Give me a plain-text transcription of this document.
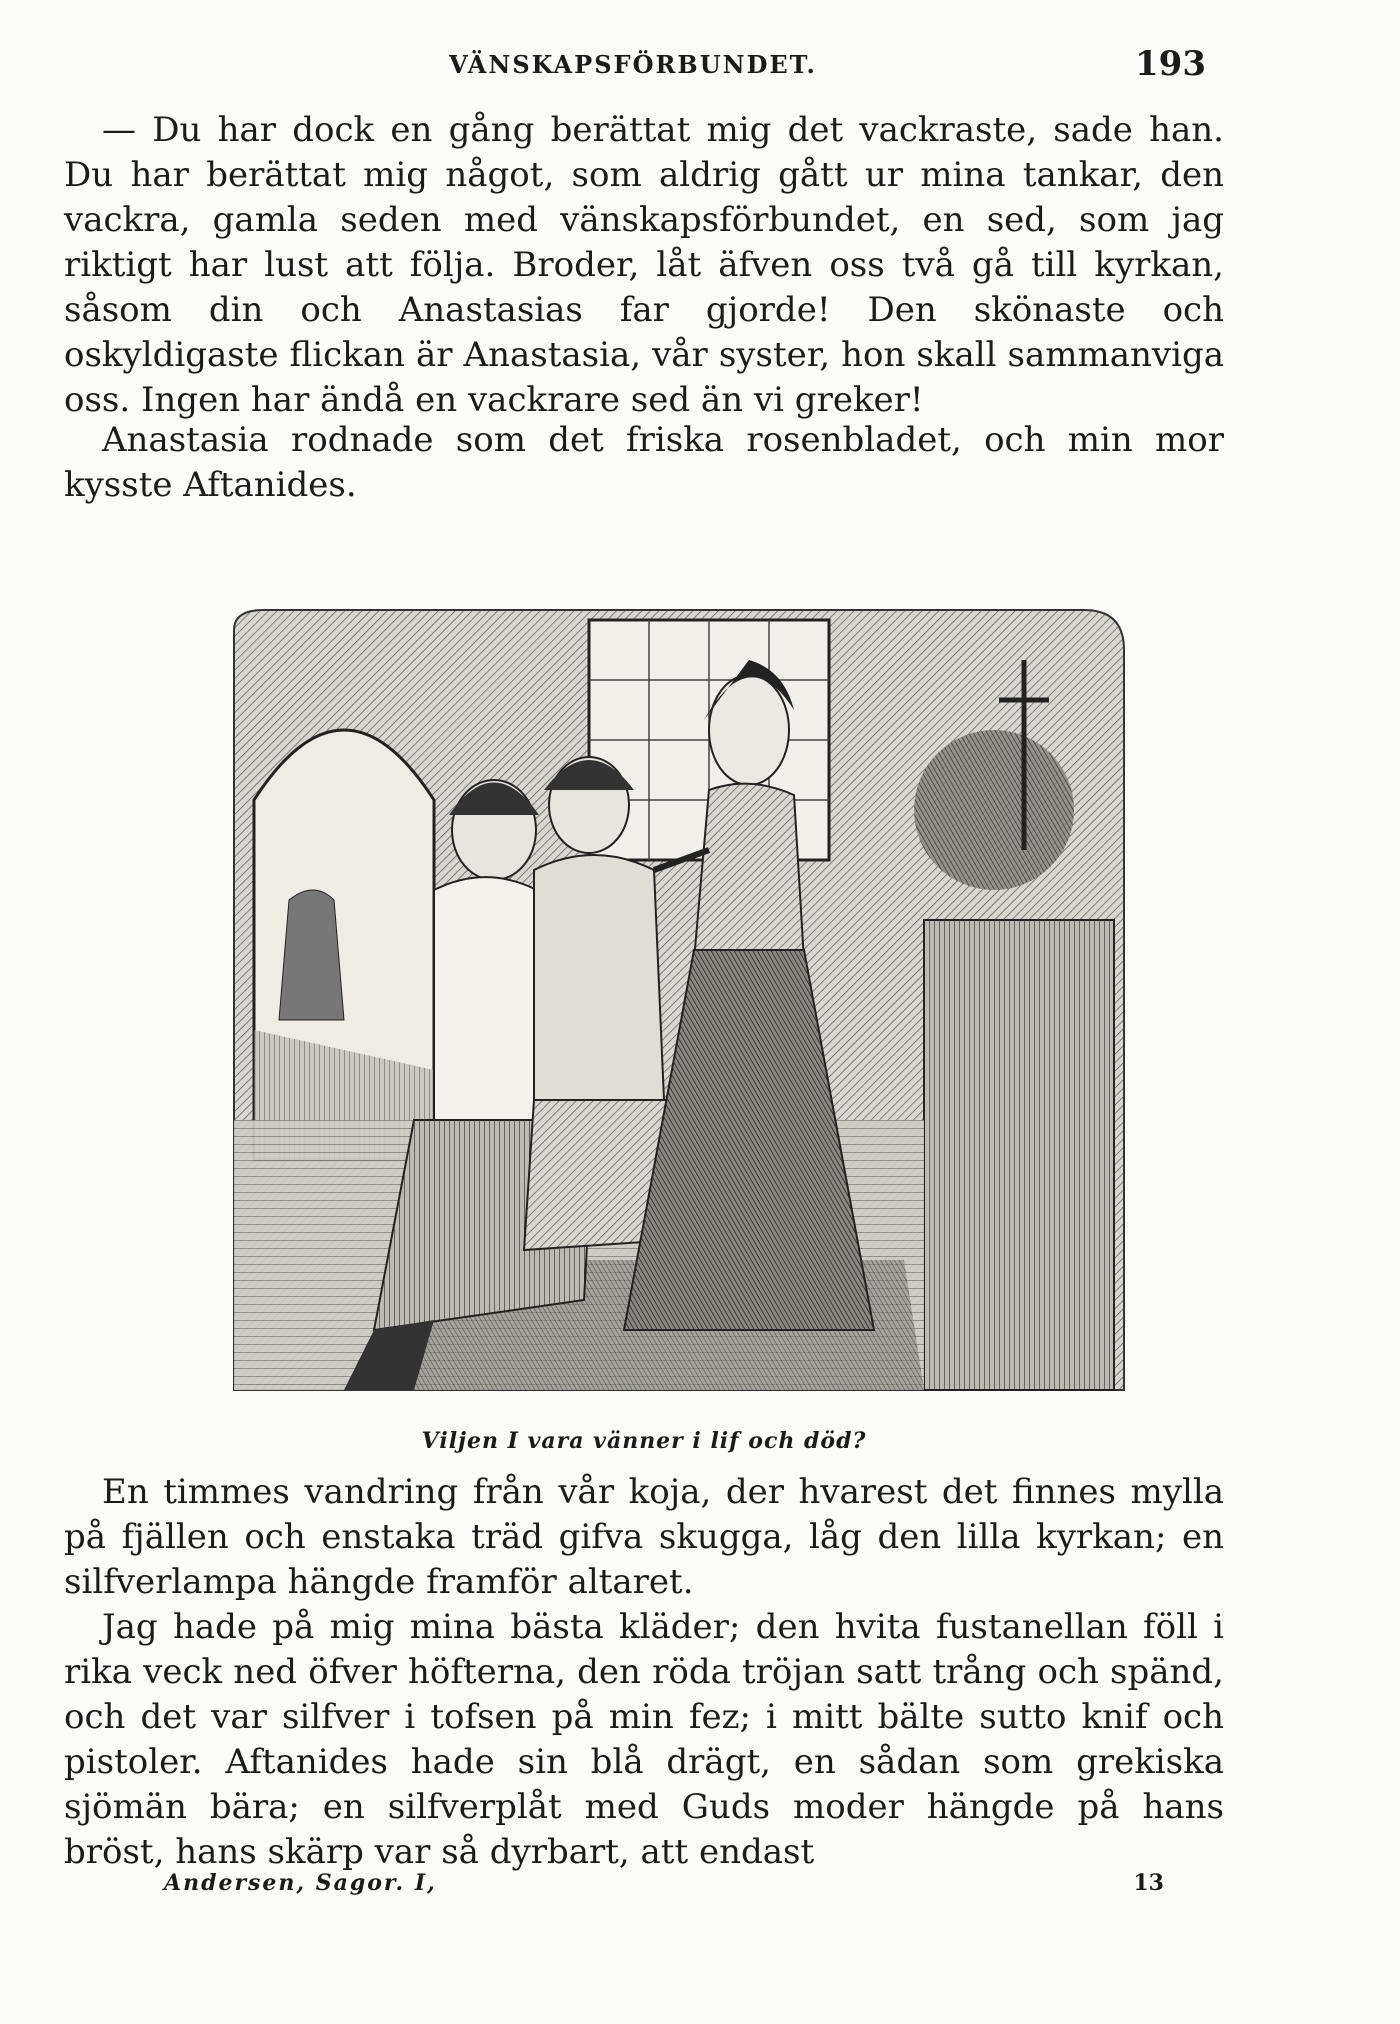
VÄNSKAPSFÖRBUNDET.	193

— Du har dock en gång berättat mig det vackraste, sade han. Du har berättat mig något, som aldrig gått ur mina tankar, den vackra, gamla seden med vänskapsförbundet, en sed, som jag riktigt har lust att följa. Broder, låt äfven oss två gå till kyrkan, såsom din och Anastasias far gjorde! Den skönaste och oskyldigaste flickan är Anastasia, vår syster, hon skall sammanviga oss. Ingen har ändå en vackrare sed än vi greker!

Anastasia rodnade som det friska rosenbladet, och min mor kysste Aftanides.

Viljen I vara vänner i lif och död?

En timmes vandring från vår koja, der hvarest det finnes mylla på fjällen och enstaka träd gifva skugga, låg den lilla kyrkan; en silfverlampa hängde framför altaret.

Jag hade på mig mina bästa kläder; den hvita fustanellan föll i rika veck ned öfver höfterna, den röda tröjan satt trång och spänd, och det var silfver i tofsen på min fez; i mitt bälte sutto knif och pistoler. Aftanides hade sin blå drägt, en sådan som grekiska sjömän bära; en silfverplåt med Guds moder hängde på hans bröst, hans skärp var så dyrbart, att endast

Andersen, Sagor. I,	13
